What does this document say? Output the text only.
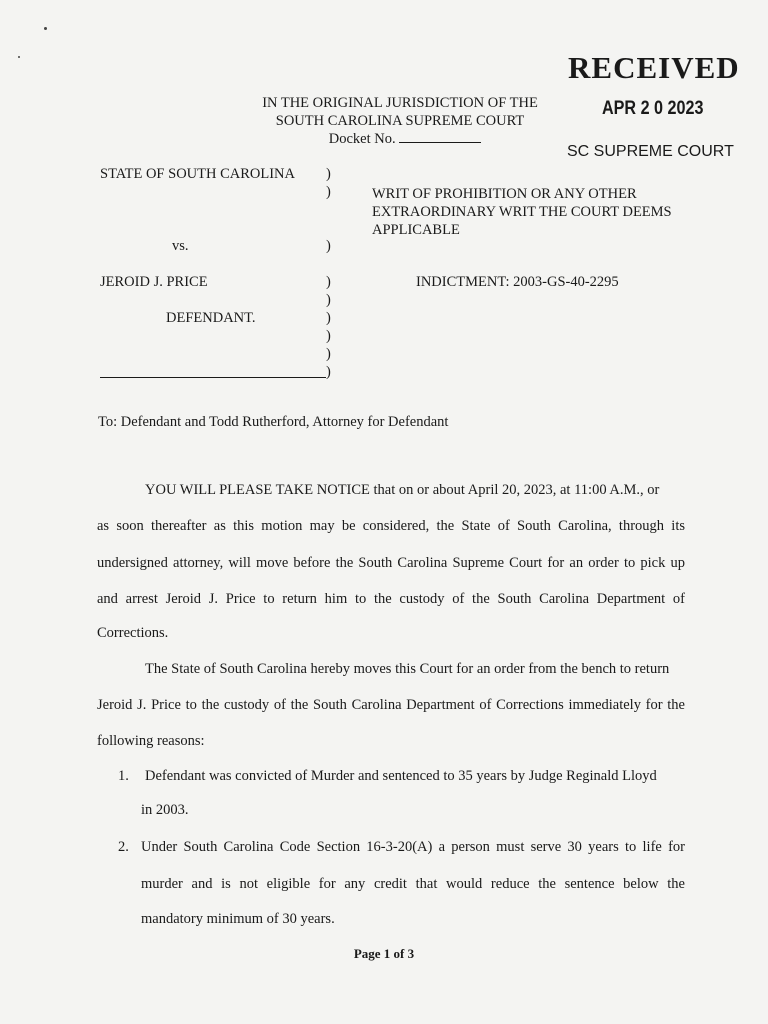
RECEIVED
APR 2 0 2023
SC SUPREME COURT
IN THE ORIGINAL JURISDICTION OF THE
SOUTH CAROLINA SUPREME COURT
Docket No.
STATE OF SOUTH CAROLINA
vs.
JEROID J. PRICE
DEFENDANT.
)
)
)
)
)
)
)
)
)
WRIT OF PROHIBITION OR ANY OTHER EXTRAORDINARY WRIT THE COURT DEEMS APPLICABLE
INDICTMENT: 2003-GS-40-2295
To: Defendant and Todd Rutherford, Attorney for Defendant
YOU WILL PLEASE TAKE NOTICE that on or about April 20, 2023, at 11:00 A.M., or
as soon thereafter as this motion may be considered, the State of South Carolina, through its
undersigned attorney, will move before the South Carolina Supreme Court for an order to pick up
and arrest Jeroid J. Price to return him to the custody of the South Carolina Department of
Corrections.
The State of South Carolina hereby moves this Court for an order from the bench to return
Jeroid J. Price to the custody of the South Carolina Department of Corrections immediately for the
following reasons:
1. Defendant was convicted of Murder and sentenced to 35 years by Judge Reginald Lloyd
in 2003.
2. Under South Carolina Code Section 16-3-20(A) a person must serve 30 years to life for
murder and is not eligible for any credit that would reduce the sentence below the
mandatory minimum of 30 years.
Page 1 of 3
